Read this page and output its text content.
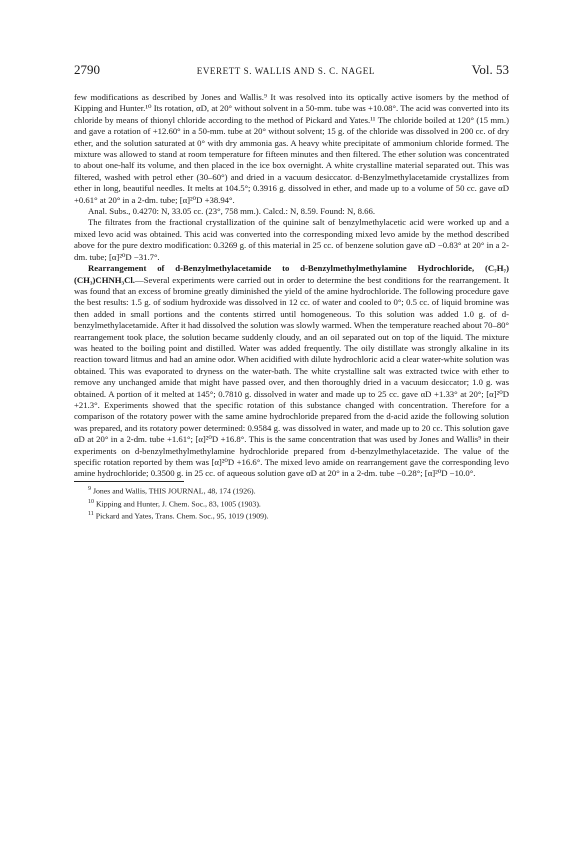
2790	EVERETT S. WALLIS AND S. C. NAGEL	Vol. 53

few modifications as described by Jones and Wallis.⁹ It was resolved into its optically active isomers by the method of Kipping and Hunter.¹⁰ Its rotation, αD, at 20° without solvent in a 50-mm. tube was +10.08°. The acid was converted into its chloride by means of thionyl chloride according to the method of Pickard and Yates.¹¹ The chloride boiled at 120° (15 mm.) and gave a rotation of +12.60° in a 50-mm. tube at 20° without solvent; 15 g. of the chloride was dissolved in 200 cc. of dry ether, and the solution saturated at 0° with dry ammonia gas. A heavy white precipitate of ammonium chloride formed. The mixture was allowed to stand at room temperature for fifteen minutes and then filtered. The ether solution was concentrated to about one-half its volume, and then placed in the ice box overnight. A white crystalline material separated out. This was filtered, washed with petrol ether (30–60°) and dried in a vacuum desiccator. d-Benzylmethylacetamide crystallizes from ether in long, beautiful needles. It melts at 104.5°; 0.3916 g. dissolved in ether, and made up to a volume of 50 cc. gave αD +0.61° at 20° in a 2-dm. tube; [α]²⁰D +38.94°.

Anal. Subs., 0.4270: N, 33.05 cc. (23°, 758 mm.). Calcd.: N, 8.59. Found: N, 8.66.

The filtrates from the fractional crystallization of the quinine salt of benzylmethylacetic acid were worked up and a mixed levo acid was obtained. This acid was converted into the corresponding mixed levo amide by the method described above for the pure dextro modification: 0.3269 g. of this material in 25 cc. of benzene solution gave αD −0.83° at 20° in a 2-dm. tube; [α]²⁰D −31.7°.

Rearrangement of d-Benzylmethylacetamide to d-Benzylmethylmethylamine Hydrochloride, (C₇H₇)(CH₃)CHNH₃Cl.—Several experiments were carried out in order to determine the best conditions for the rearrangement. It was found that an excess of bromine greatly diminished the yield of the amine hydrochloride. The following procedure gave the best results: 1.5 g. of sodium hydroxide was dissolved in 12 cc. of water and cooled to 0°; 0.5 cc. of liquid bromine was then added in small portions and the contents stirred until homogeneous. To this solution was added 1.0 g. of d-benzylmethylacetamide. After it had dissolved the solution was slowly warmed. When the temperature reached about 70–80° rearrangement took place, the solution became suddenly cloudy, and an oil separated out on top of the liquid. The mixture was heated to the boiling point and distilled. Water was added frequently. The oily distillate was strongly alkaline in its reaction toward litmus and had an amine odor. When acidified with dilute hydrochloric acid a clear water-white solution was obtained. This was evaporated to dryness on the water-bath. The white crystalline salt was extracted twice with ether to remove any unchanged amide that might have passed over, and then thoroughly dried in a vacuum desiccator; 1.0 g. was obtained. A portion of it melted at 145°; 0.7810 g. dissolved in water and made up to 25 cc. gave αD +1.33° at 20°; [α]²⁰D +21.3°. Experiments showed that the specific rotation of this substance changed with concentration. Therefore for a comparison of the rotatory power with the same amine hydrochloride prepared from the d-acid azide the following solution was prepared, and its rotatory power determined: 0.9584 g. was dissolved in water, and made up to 20 cc. This solution gave αD at 20° in a 2-dm. tube +1.61°; [α]²⁰D +16.8°. This is the same concentration that was used by Jones and Wallis⁹ in their experiments on d-benzylmethylmethylamine hydrochloride prepared from d-benzylmethylacetazide. The value of the specific rotation reported by them was [α]²⁰D +16.6°. The mixed levo amide on rearrangement gave the corresponding levo amine hydrochloride; 0.3500 g. in 25 cc. of aqueous solution gave αD at 20° in a 2-dm. tube −0.28°; [α]²⁰D −10.0°.

$^9$ Jones and Wallis, THIS JOURNAL, 48, 174 (1926).
$^{10}$ Kipping and Hunter, J. Chem. Soc., 83, 1005 (1903).
$^{11}$ Pickard and Yates, Trans. Chem. Soc., 95, 1019 (1909).
